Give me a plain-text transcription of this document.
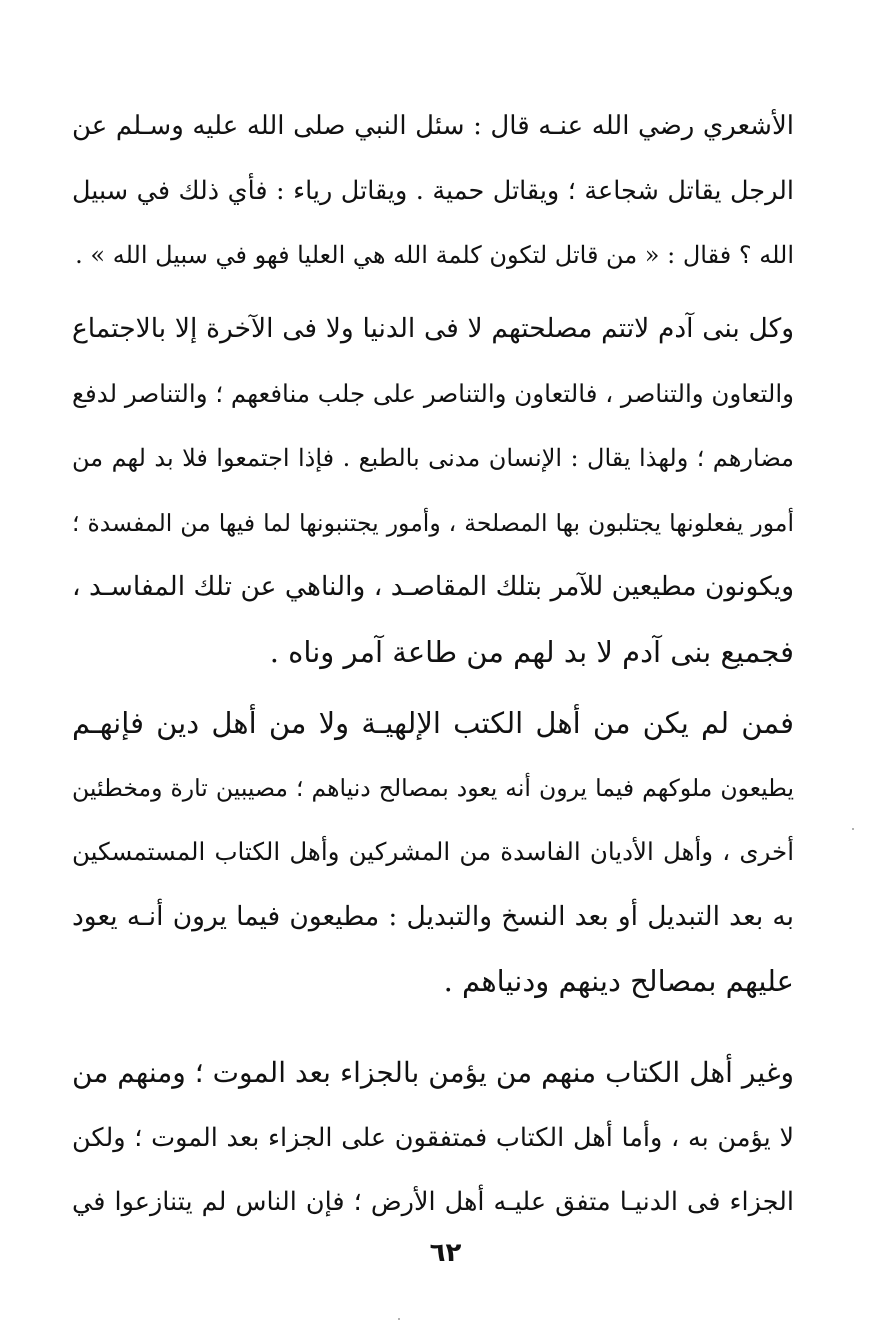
الأشعري رضي الله عنـه قال : سئل النبي صلى الله عليه وسـلم عن
الرجل يقاتل شجاعة ؛ ويقاتل حمية . ويقاتل رياء : فأي ذلك في سبيل
الله ؟ فقال : « من قاتل لتكون كلمة الله هي العليا فهو في سبيل الله » .
وكل بنى آدم لاتتم مصلحتهم لا فى الدنيا ولا فى الآخرة إلا بالاجتماع
والتعاون والتناصر ، فالتعاون والتناصر على جلب منافعهم ؛ والتناصر لدفع
مضارهم ؛ ولهذا يقال : الإنسان مدنى بالطبع . فإذا اجتمعوا فلا بد لهم من
أمور يفعلونها يجتلبون بها المصلحة ، وأمور يجتنبونها لما فيها من المفسدة ؛
ويكونون مطيعين للآمر بتلك المقاصـد ، والناهي عن تلك المفاسـد ،
فجميع بنى آدم لا بد لهم من طاعة آمر وناه .
فمن لم يكن من أهل الكتب الإلهيـة ولا من أهل دين فإنهـم
يطيعون ملوكهم فيما يرون أنه يعود بمصالح دنياهم ؛ مصيبين تارة ومخطئين
أخرى ، وأهل الأديان الفاسدة من المشركين وأهل الكتاب المستمسكين
به بعد التبديل أو بعد النسخ والتبديل : مطيعون فيما يرون أنـه يعود
عليهم بمصالح دينهم ودنياهم .
وغير أهل الكتاب منهم من يؤمن بالجزاء بعد الموت ؛ ومنهم من
لا يؤمن به ، وأما أهل الكتاب فمتفقون على الجزاء بعد الموت ؛ ولكن
الجزاء فى الدنيـا متفق عليـه أهل الأرض ؛ فإن الناس لم يتنازعوا في
٦٢
